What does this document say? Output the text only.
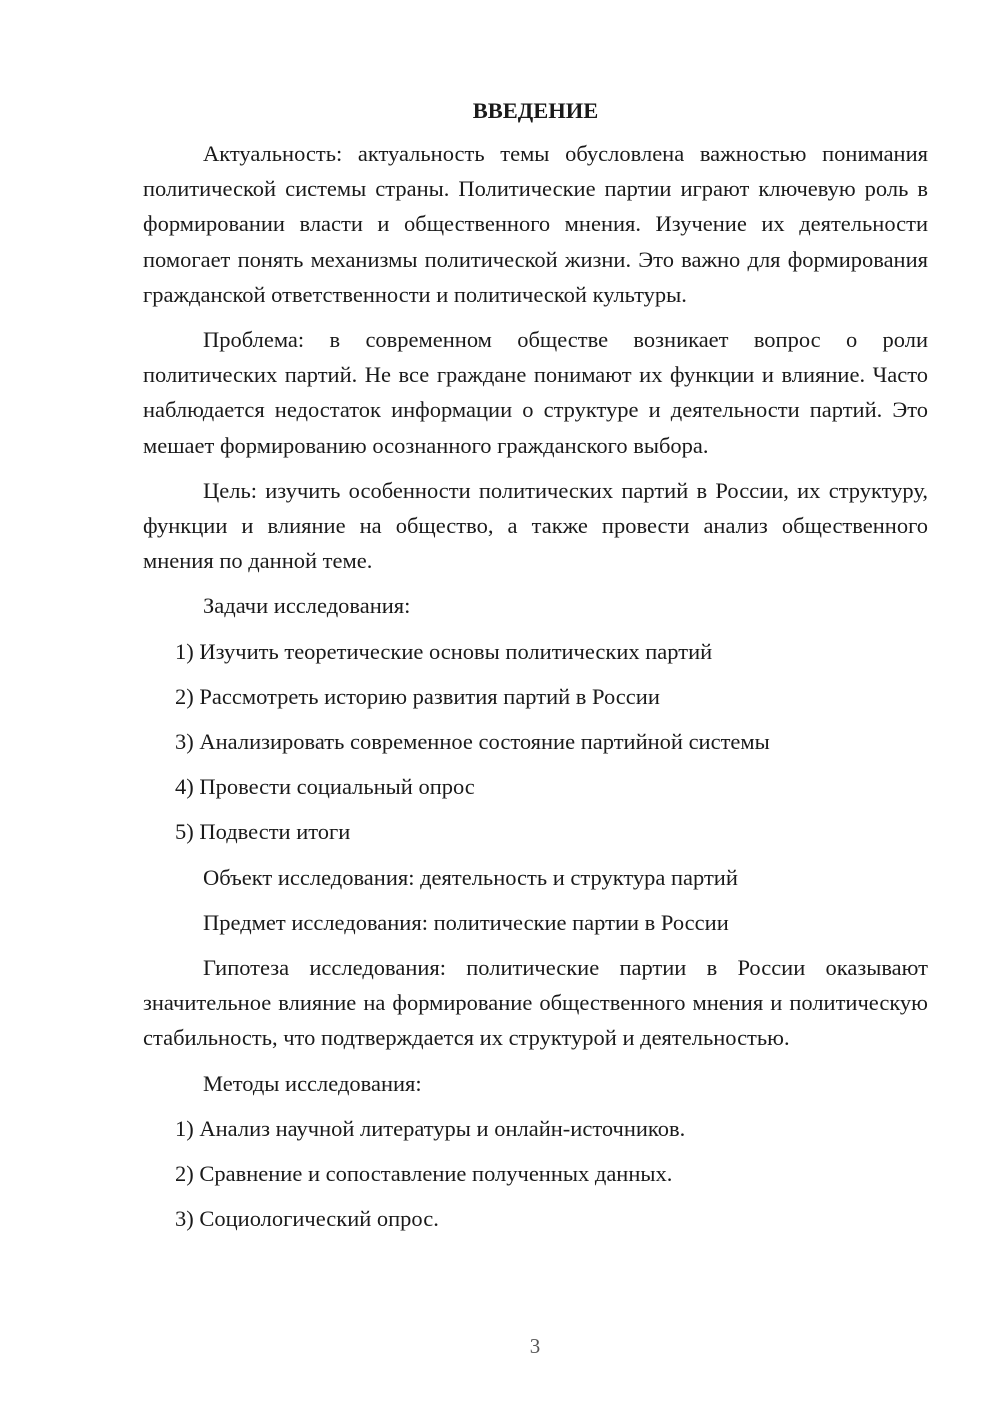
ВВЕДЕНИЕ

Актуальность: актуальность темы обусловлена важностью понимания политической системы страны. Политические партии играют ключевую роль в формировании власти и общественного мнения. Изучение их деятельности помогает понять механизмы политической жизни. Это важно для формирования гражданской ответственности и политической культуры.

Проблема: в современном обществе возникает вопрос о роли политических партий. Не все граждане понимают их функции и влияние. Часто наблюдается недостаток информации о структуре и деятельности партий. Это мешает формированию осознанного гражданского выбора.

Цель: изучить особенности политических партий в России, их структуру, функции и влияние на общество, а также провести анализ общественного мнения по данной теме.

Задачи исследования:

1) Изучить теоретические основы политических партий

2) Рассмотреть историю развития партий в России

3) Анализировать современное состояние партийной системы

4) Провести социальный опрос

5) Подвести итоги

Объект исследования: деятельность и структура партий

Предмет исследования: политические партии в России

Гипотеза исследования: политические партии в России оказывают значительное влияние на формирование общественного мнения и политическую стабильность, что подтверждается их структурой и деятельностью.

Методы исследования:

1) Анализ научной литературы и онлайн-источников.

2) Сравнение и сопоставление полученных данных.

3) Социологический опрос.

3
